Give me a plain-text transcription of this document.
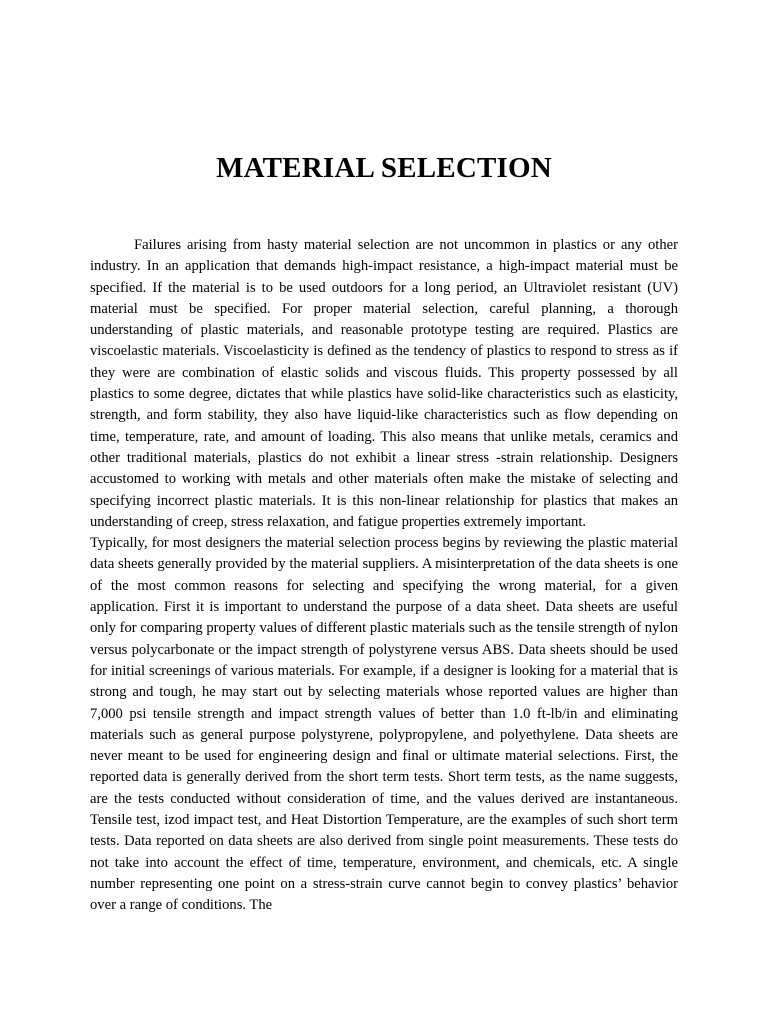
MATERIAL SELECTION

Failures arising from hasty material selection are not uncommon in plastics or any other industry. In an application that demands high-impact resistance, a high-impact material must be specified. If the material is to be used outdoors for a long period, an Ultraviolet resistant (UV) material must be specified. For proper material selection, careful planning, a thorough understanding of plastic materials, and reasonable prototype testing are required. Plastics are viscoelastic materials. Viscoelasticity is defined as the tendency of plastics to respond to stress as if they were are combination of elastic solids and viscous fluids. This property possessed by all plastics to some degree, dictates that while plastics have solid-like characteristics such as elasticity, strength, and form stability, they also have liquid-like characteristics such as flow depending on time, temperature, rate, and amount of loading. This also means that unlike metals, ceramics and other traditional materials, plastics do not exhibit a linear stress -strain relationship. Designers accustomed to working with metals and other materials often make the mistake of selecting and specifying incorrect plastic materials. It is this non-linear relationship for plastics that makes an understanding of creep, stress relaxation, and fatigue properties extremely important.

Typically, for most designers the material selection process begins by reviewing the plastic material data sheets generally provided by the material suppliers. A misinterpretation of the data sheets is one of the most common reasons for selecting and specifying the wrong material, for a given application. First it is important to understand the purpose of a data sheet. Data sheets are useful only for comparing property values of different plastic materials such as the tensile strength of nylon versus polycarbonate or the impact strength of polystyrene versus ABS. Data sheets should be used for initial screenings of various materials. For example, if a designer is looking for a material that is strong and tough, he may start out by selecting materials whose reported values are higher than 7,000 psi tensile strength and impact strength values of better than 1.0 ft-lb/in and eliminating materials such as general purpose polystyrene, polypropylene, and polyethylene. Data sheets are never meant to be used for engineering design and final or ultimate material selections. First, the reported data is generally derived from the short term tests. Short term tests, as the name suggests, are the tests conducted without consideration of time, and the values derived are instantaneous. Tensile test, izod impact test, and Heat Distortion Temperature, are the examples of such short term tests. Data reported on data sheets are also derived from single point measurements. These tests do not take into account the effect of time, temperature, environment, and chemicals, etc. A single number representing one point on a stress-strain curve cannot begin to convey plastics’ behavior over a range of conditions. The
